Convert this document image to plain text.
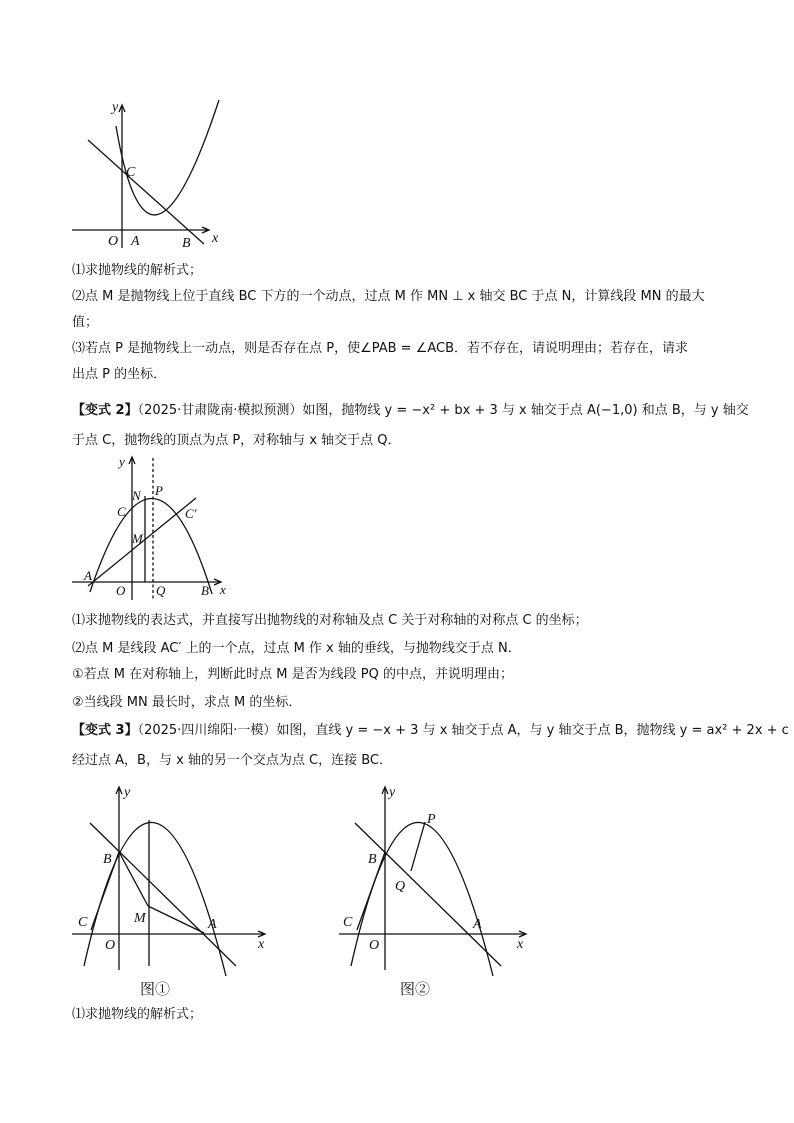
y
x
C
O A	B
⑴求抛物线的解析式；
⑵点 M 是抛物线上位于直线 BC 下方的一个动点，过点 M 作 MN ⊥ x 轴交 BC 于点 N，计算线段 MN 的最大
值；
⑶若点 P 是抛物线上一动点，则是否存在点 P，使∠PAB = ∠ACB．若不存在，请说明理由；若存在，请求
出点 P 的坐标．
【变式 2】（2025·甘肃陇南·模拟预测）如图，抛物线 y = −x² + bx + 3 与 x 轴交于点 A(−1,0) 和点 B，与 y 轴交
于点 C，抛物线的顶点为点 P，对称轴与 x 轴交于点 Q．
y
x
N P
C	C′
M
A
O Q	B
⑴求抛物线的表达式，并直接写出抛物线的对称轴及点 C 关于对称轴的对称点 C 的坐标；
⑵点 M 是线段 AC′ 上的一个点，过点 M 作 x 轴的垂线，与抛物线交于点 N．
①若点 M 在对称轴上，判断此时点 M 是否为线段 PQ 的中点，并说明理由；
②当线段 MN 最长时，求点 M 的坐标．
【变式 3】（2025·四川绵阳·一模）如图，直线 y = −x + 3 与 x 轴交于点 A，与 y 轴交于点 B，抛物线 y = ax² + 2x + c
经过点 A，B，与 x 轴的另一个交点为点 C，连接 BC．
y
x
B
C	M	A
O
图①
y
x
B
C
P
Q
A
O
图②
⑴求抛物线的解析式；
